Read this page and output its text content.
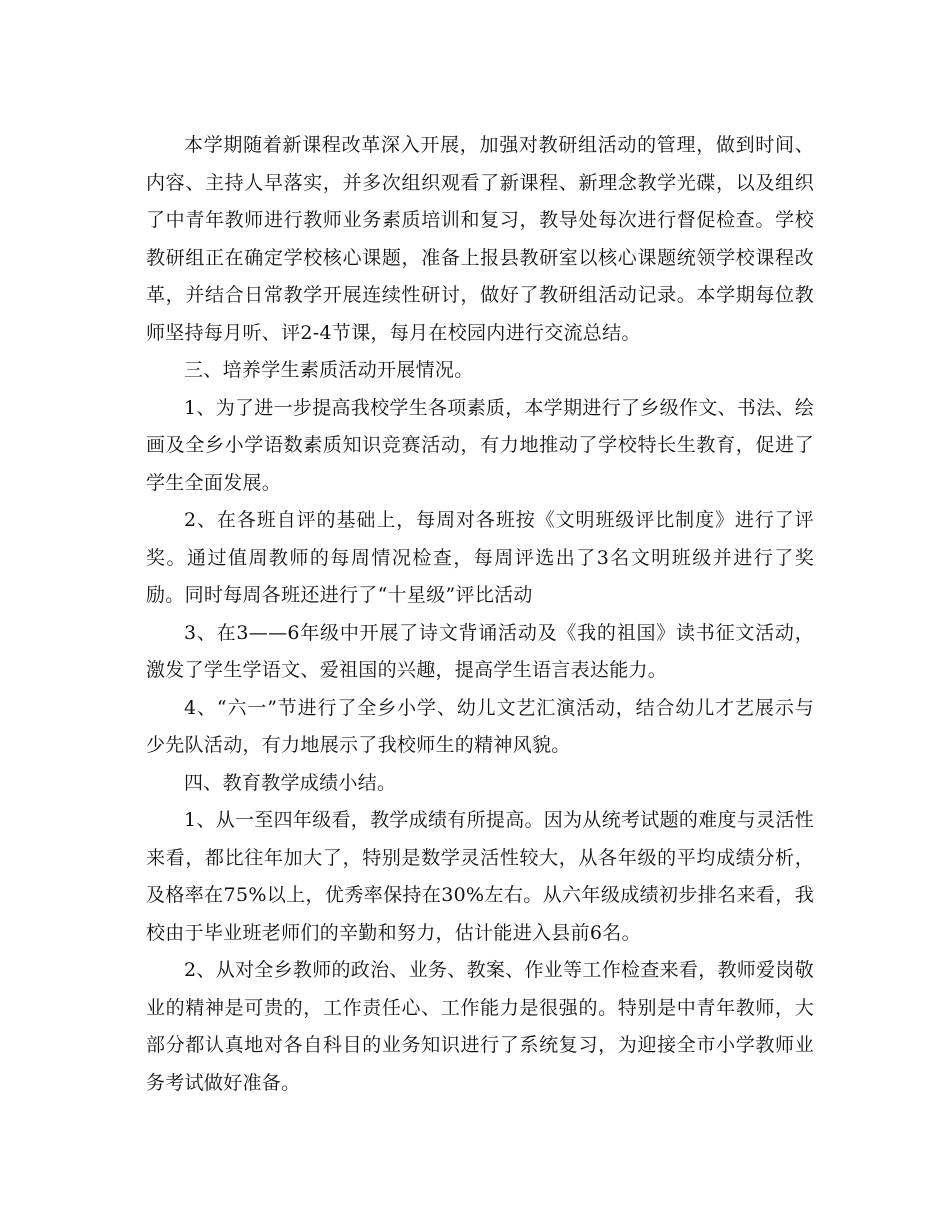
本学期随着新课程改革深入开展，加强对教研组活动的管理，做到时间、内容、主持人早落实，并多次组织观看了新课程、新理念教学光碟，以及组织了中青年教师进行教师业务素质培训和复习，教导处每次进行督促检查。学校教研组正在确定学校核心课题，准备上报县教研室以核心课题统领学校课程改革，并结合日常教学开展连续性研讨，做好了教研组活动记录。本学期每位教师坚持每月听、评2-4节课，每月在校园内进行交流总结。

三、培养学生素质活动开展情况。

1、为了进一步提高我校学生各项素质，本学期进行了乡级作文、书法、绘画及全乡小学语数素质知识竞赛活动，有力地推动了学校特长生教育，促进了学生全面发展。

2、在各班自评的基础上，每周对各班按《文明班级评比制度》进行了评奖。通过值周教师的每周情况检查，每周评选出了3名文明班级并进行了奖励。同时每周各班还进行了“十星级”评比活动

3、在3——6年级中开展了诗文背诵活动及《我的祖国》读书征文活动，激发了学生学语文、爱祖国的兴趣，提高学生语言表达能力。

4、“六一”节进行了全乡小学、幼儿文艺汇演活动，结合幼儿才艺展示与少先队活动，有力地展示了我校师生的精神风貌。

四、教育教学成绩小结。

1、从一至四年级看，教学成绩有所提高。因为从统考试题的难度与灵活性来看，都比往年加大了，特别是数学灵活性较大，从各年级的平均成绩分析，及格率在75%以上，优秀率保持在30%左右。从六年级成绩初步排名来看，我校由于毕业班老师们的辛勤和努力，估计能进入县前6名。

2、从对全乡教师的政治、业务、教案、作业等工作检查来看，教师爱岗敬业的精神是可贵的，工作责任心、工作能力是很强的。特别是中青年教师，大部分都认真地对各自科目的业务知识进行了系统复习，为迎接全市小学教师业务考试做好准备。
